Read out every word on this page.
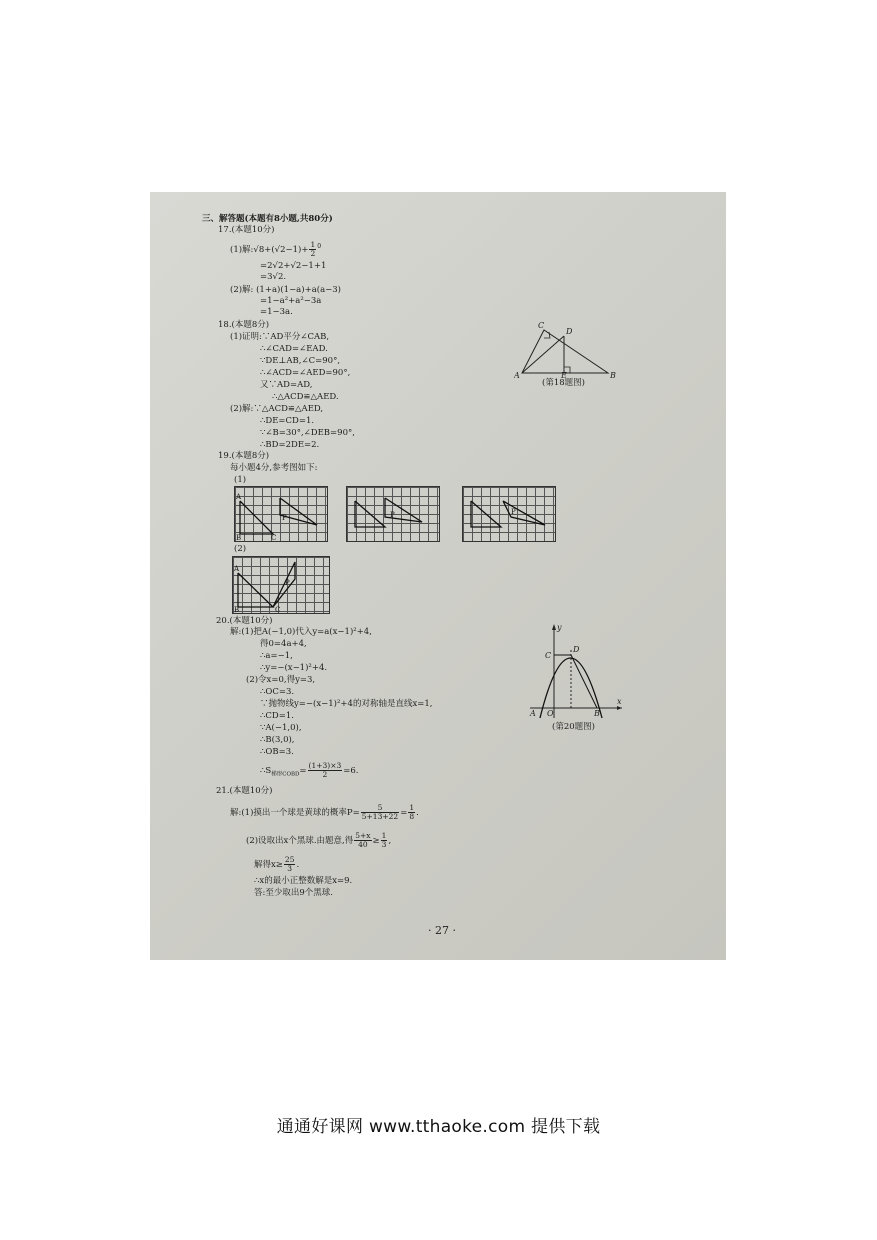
三、解答题(本题有8小题,共80分)
17.(本题10分)
(1)解:√8+(√2−1)+ $\frac{1}{2} ^0$
=2√2+√2−1+1
=3√2.
(2)解: (1+a)(1−a)+a(a−3)
=1−a²+a²−3a
=1−3a.
18.(本题8分)
(1)证明:∵AD平分∠CAB,
∴∠CAD=∠EAD.
∵DE⊥AB,∠C=90°,
∴∠ACD=∠AED=90°,
又∵AD=AD,
∴△ACD≌△AED.
(2)解:∵△ACD≌△AED,
∴DE=CD=1.
∵∠B=30°,∠DEB=90°,
∴BD=2DE=2.
C
D
A	E	B
(第18题图)
19.(本题8分)
每小题4分,参考图如下:
(1)
A
B	C
P	P	P
(2)
A
B	C
P
20.(本题10分)
解:(1)把A(−1,0)代入y=a(x−1)²+4,
得0=4a+4,
∴a=−1,
∴y=−(x−1)²+4.
(2)令x=0,得y=3,
∴OC=3.
∵抛物线y=−(x−1)²+4的对称轴是直线x=1,
∴CD=1.
∵A(−1,0),
∴B(3,0),
∴OB=3.
$\therefore S_{梯形COBD}= \frac{(1+3)\times 3}{2} =6$.
y
C
D
A O	B
x
(第20题图)
21.(本题10分)
解:(1)摸出一个球是黄球的概率$P= \frac{5}{5+13+22} = \frac{1}{8}$ .
(2)设取出x个黑球.由题意,得 $\frac{5+x}{40} \ge \frac{1}{3}$ ,
解得$x\ge \frac{25}{3}$ .
∴x的最小正整数解是x=9.
答:至少取出9个黑球.
· 27 ·
通通好课网 www.tthaoke.com 提供下载
